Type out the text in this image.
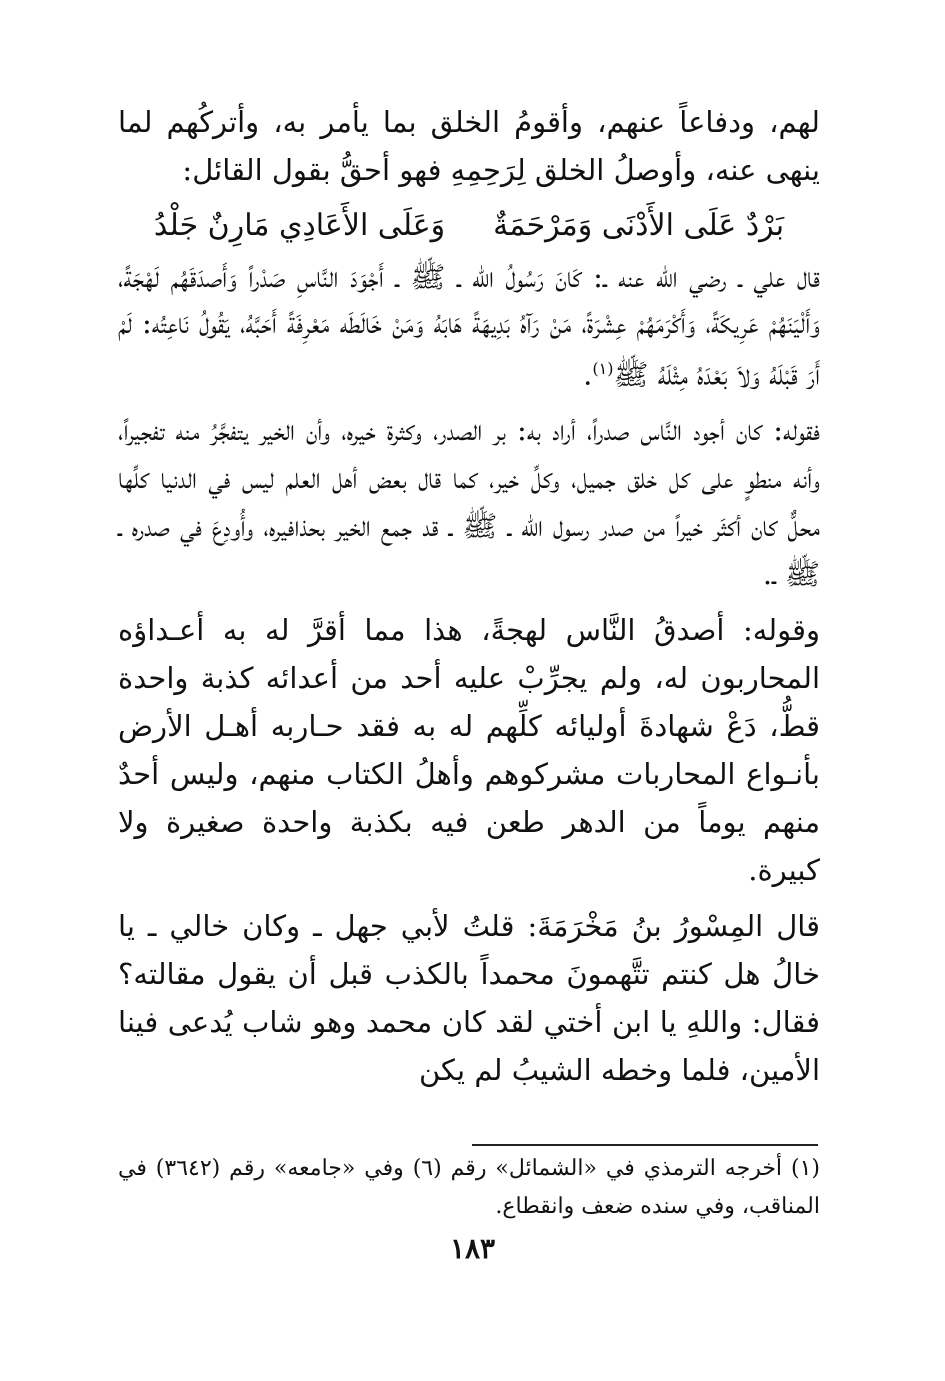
لهم، ودفاعاً عنهم، وأقومُ الخلق بما يأمر به، وأتركُهم لما ينهى عنه، وأوصلُ الخلق لِرَحِمِهِ فهو أحقُّ بقول القائل:

بَرْدٌ عَلَى الأَدْنَى وَمَرْحَمَةٌ
وَعَلَى الأَعَادِي مَارِنٌ جَلْدُ

قال علي ـ رضي الله عنه ـ: كَانَ رَسُولُ الله ـ ﷺ ـ أَجْوَدَ النَّاسِ صَدْراً وَأَصدَقَهُم لَهْجَةً، وَأَلْيَنَهُمْ عَرِيكَةً، وَأَكْرَمَهُمْ عِشْرَةً، مَنْ رَآهُ بَدِيهَةً هَابَهُ وَمَنْ خَالَطَه مَعْرِفَةً أَحَبَّهُ، يَقُولُ نَاعِتُه: لَمْ أَرَ قَبْلَهُ وَلاَ بَعْدَهُ مِثْلَهُ ﷺ$^{(١)}$.

فقوله: كان أجود النَّاس صدراً، أراد به: بر الصدر، وكثرة خيره، وأن الخير يتفجَّرُ منه تفجيراً، وأنه منطوٍ على كل خلق جميل، وكلِّ خير، كما قال بعض أهل العلم ليس في الدنيا كلِّها محلٌّ كان أكثَر خيراً من صدر رسول الله ـ ﷺ ـ قد جمع الخير بحذافيره، وأُودِعَ في صدره ـ ﷺ ـ.

وقوله: أصدقُ النَّاس لهجةً، هذا مما أقرَّ له به أعـداؤه المحاربون له، ولم يجرِّبْ عليه أحد من أعدائه كذبة واحدة قطُّ، دَعْ شهادةَ أوليائه كلِّهم له به فقد حـاربه أهـل الأرض بأنـواع المحاربات مشركوهم وأهلُ الكتاب منهم، وليس أحدٌ منهم يوماً من الدهر طعن فيه بكذبة واحدة صغيرة ولا كبيرة.

قال المِسْورُ بنُ مَخْرَمَةَ: قلتُ لأبي جهل ـ وكان خالي ـ يا خالُ هل كنتم تتَّهمونَ محمداً بالكذب قبل أن يقول مقالته؟ فقال: واللهِ يا ابن أختي لقد كان محمد وهو شاب يُدعى فينا الأمين، فلما وخطه الشيبُ لم يكن

(١) أخرجه الترمذي في «الشمائل» رقم (٦) وفي «جامعه» رقم (٣٦٤٢) في المناقب، وفي سنده ضعف وانقطاع.
١٨٣
